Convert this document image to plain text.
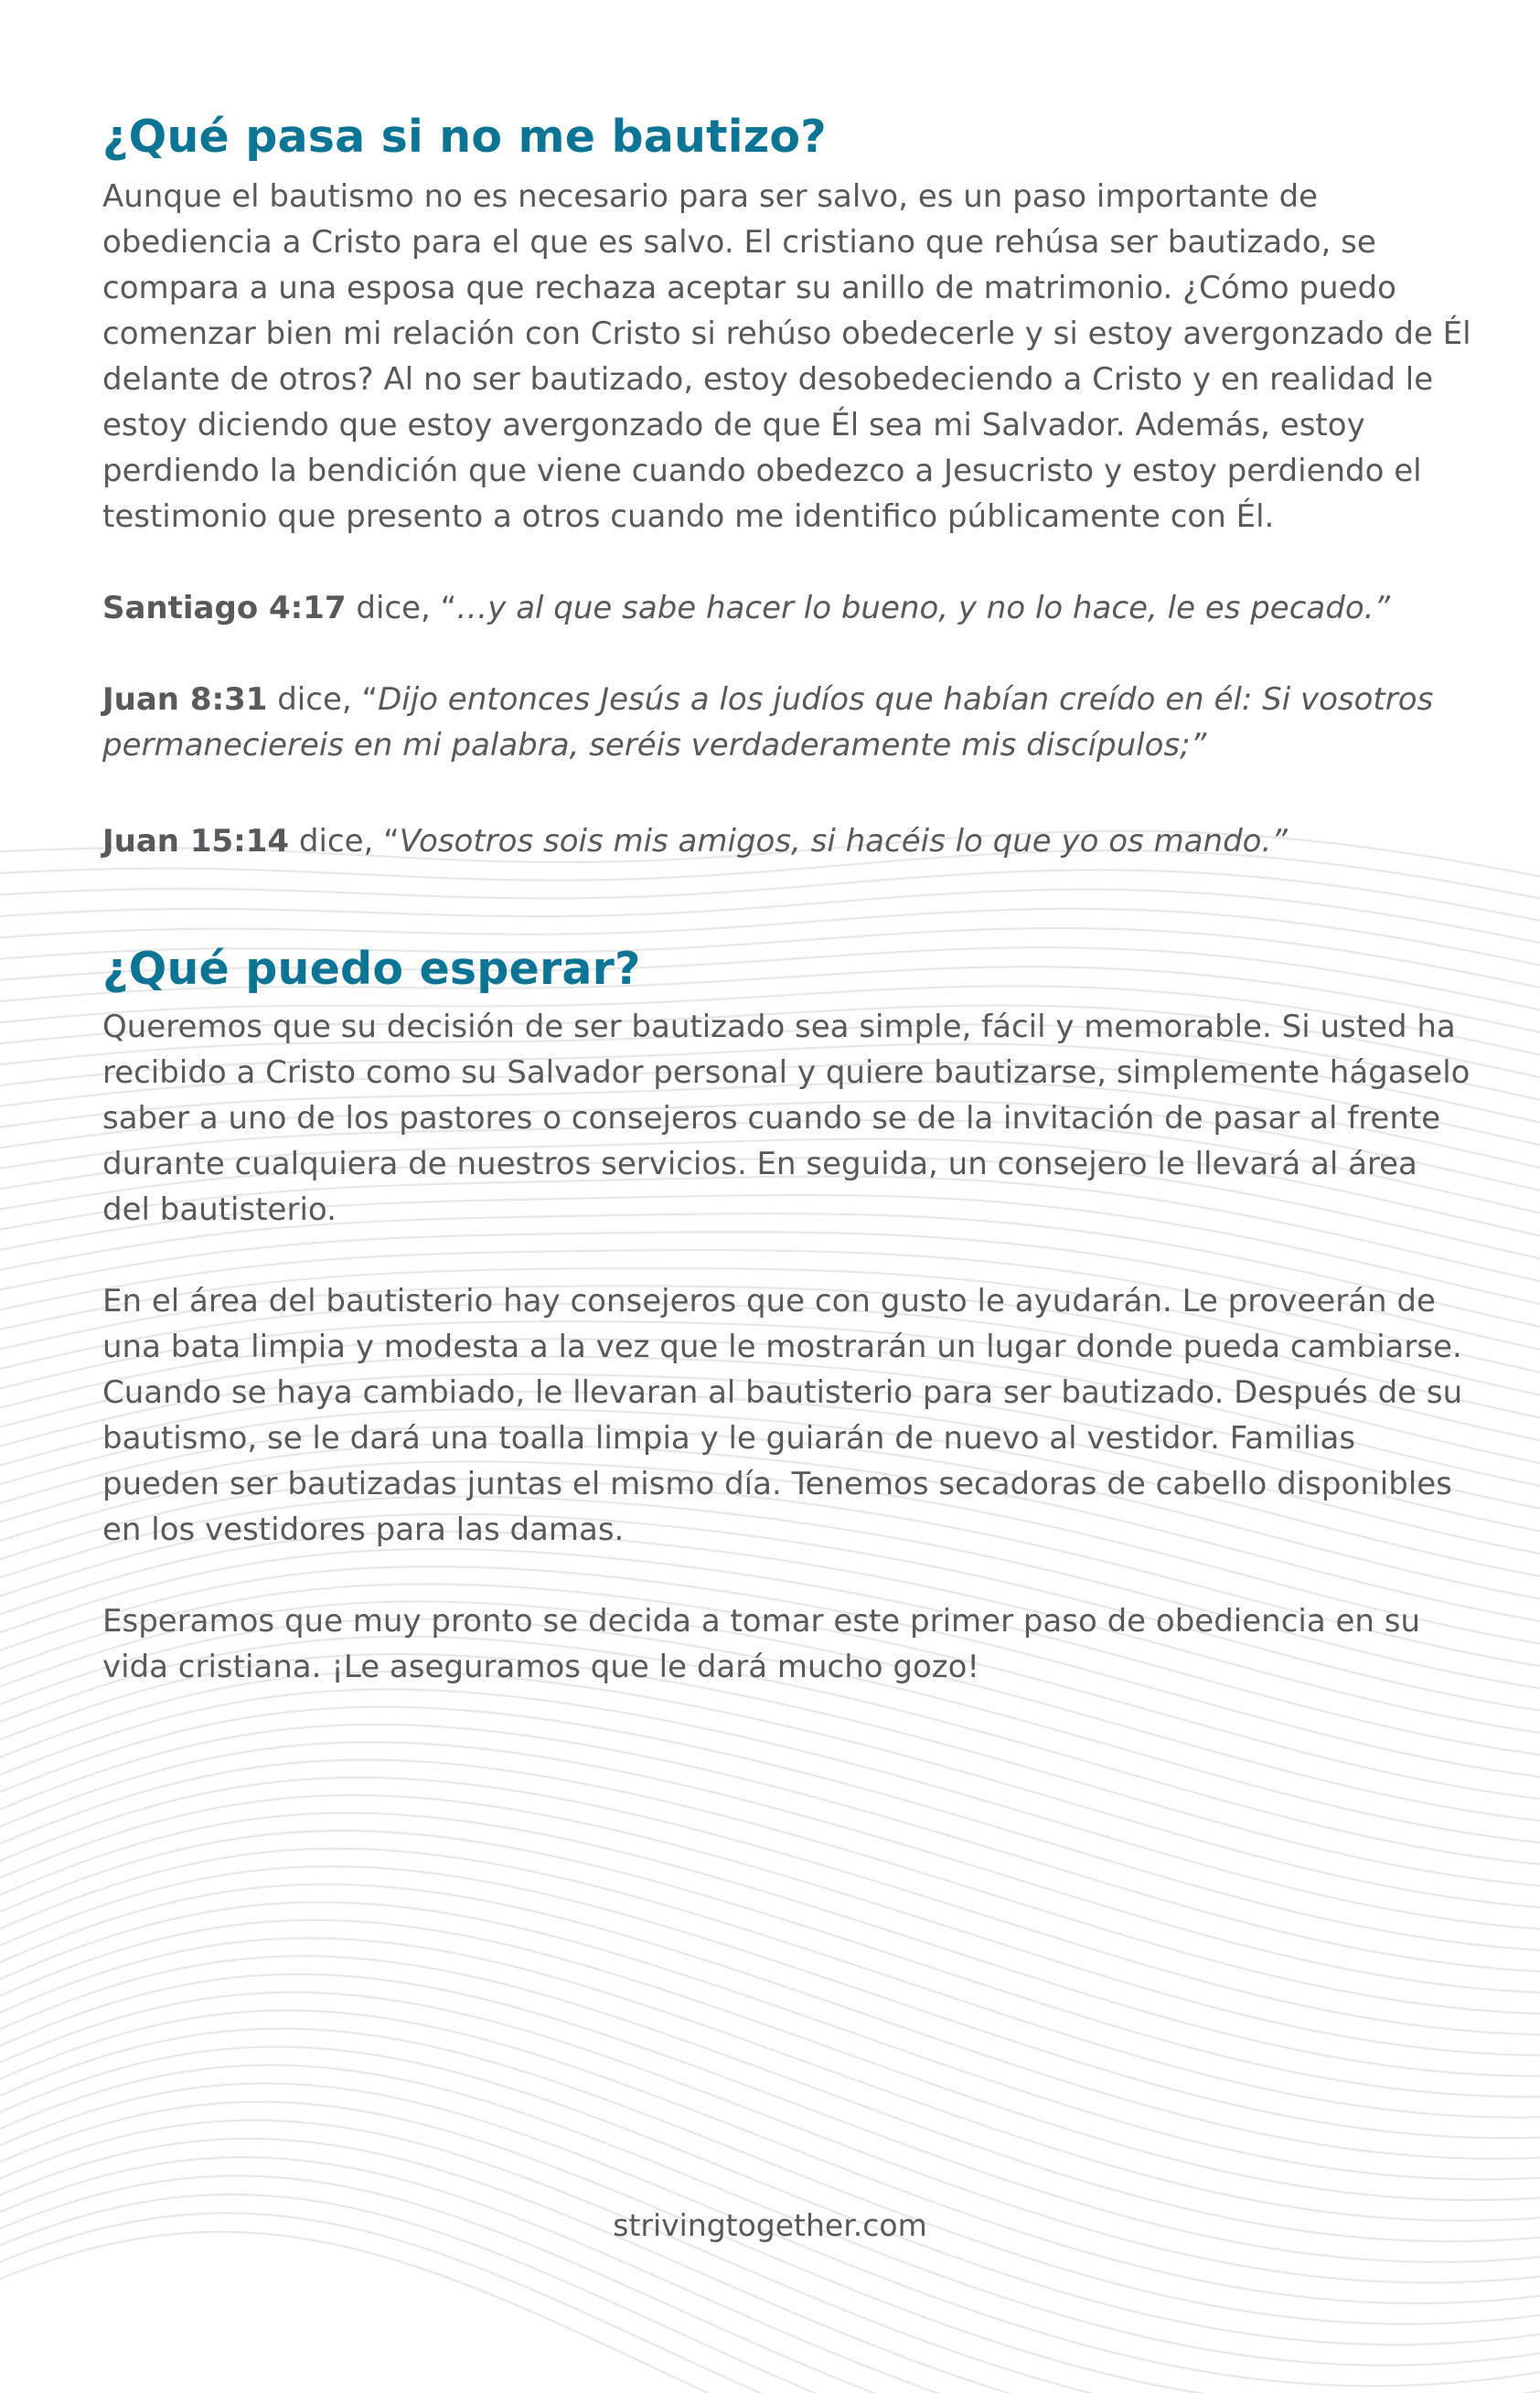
¿Qué pasa si no me bautizo?

Aunque el bautismo no es necesario para ser salvo, es un paso importante de obediencia a Cristo para el que es salvo. El cristiano que rehúsa ser bautizado, se compara a una esposa que rechaza aceptar su anillo de matrimonio. ¿Cómo puedo comenzar bien mi relación con Cristo si rehúso obedecerle y si estoy avergonzado de Él delante de otros? Al no ser bautizado, estoy desobedeciendo a Cristo y en realidad le estoy diciendo que estoy avergonzado de que Él sea mi Salvador. Además, estoy perdiendo la bendición que viene cuando obedezco a Jesucristo y estoy perdiendo el testimonio que presento a otros cuando me identifico públicamente con Él.

Santiago 4:17 dice, “…y al que sabe hacer lo bueno, y no lo hace, le es pecado.”

Juan 8:31 dice, “Dijo entonces Jesús a los judíos que habían creído en él: Si vosotros permaneciereis en mi palabra, seréis verdaderamente mis discípulos;”

Juan 15:14 dice, “Vosotros sois mis amigos, si hacéis lo que yo os mando.”

¿Qué puedo esperar?

Queremos que su decisión de ser bautizado sea simple, fácil y memorable. Si usted ha recibido a Cristo como su Salvador personal y quiere bautizarse, simplemente hágaselo saber a uno de los pastores o consejeros cuando se de la invitación de pasar al frente durante cualquiera de nuestros servicios. En seguida, un consejero le llevará al área del bautisterio.

En el área del bautisterio hay consejeros que con gusto le ayudarán. Le proveerán de una bata limpia y modesta a la vez que le mostrarán un lugar donde pueda cambiarse. Cuando se haya cambiado, le llevaran al bautisterio para ser bautizado. Después de su bautismo, se le dará una toalla limpia y le guiarán de nuevo al vestidor. Familias pueden ser bautizadas juntas el mismo día. Tenemos secadoras de cabello disponibles en los vestidores para las damas.

Esperamos que muy pronto se decida a tomar este primer paso de obediencia en su vida cristiana. ¡Le aseguramos que le dará mucho gozo!

strivingtogether.com
